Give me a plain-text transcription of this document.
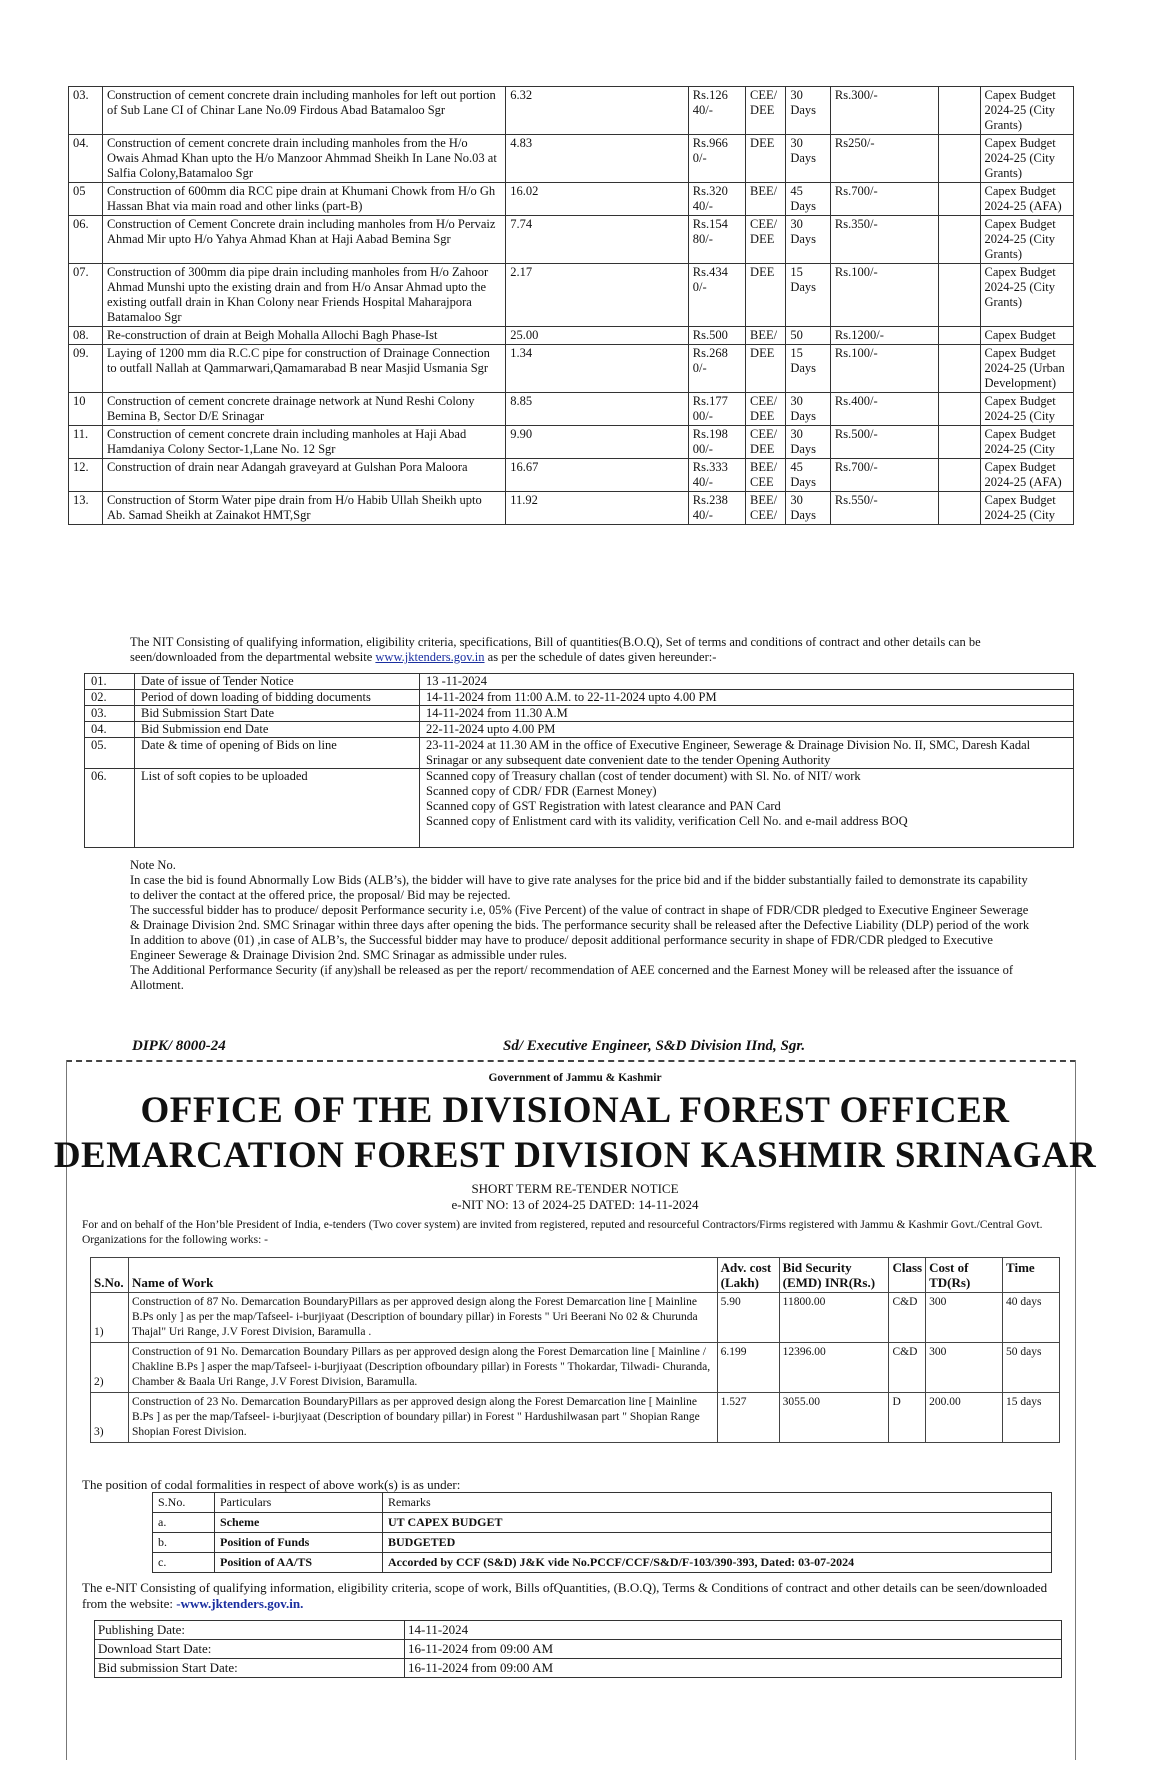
03.	Construction of cement concrete drain including manholes for left out portion of Sub Lane CI of Chinar Lane No.09 Firdous Abad Batamaloo Sgr	6.32	Rs.126 40/-	CEE/ DEE	30 Days	Rs.300/-		Capex Budget 2024-25 (City Grants)
04.	Construction of cement concrete drain including manholes from the H/o Owais Ahmad Khan upto the H/o Manzoor Ahmmad Sheikh In Lane No.03 at Salfia Colony,Batamaloo Sgr	4.83	Rs.966 0/-	DEE	30 Days	Rs250/-		Capex Budget 2024-25 (City Grants)
05	Construction of 600mm dia RCC pipe drain at Khumani Chowk from H/o Gh Hassan Bhat via main road and other links (part-B)	16.02	Rs.320 40/-	BEE/	45 Days	Rs.700/-		Capex Budget 2024-25 (AFA)
06.	Construction of Cement Concrete drain including manholes from H/o Pervaiz Ahmad Mir upto H/o Yahya Ahmad Khan at Haji Aabad Bemina Sgr	7.74	Rs.154 80/-	CEE/ DEE	30 Days	Rs.350/-		Capex Budget 2024-25 (City Grants)
07.	Construction of 300mm dia pipe drain including manholes from H/o Zahoor Ahmad Munshi upto the existing drain and from H/o Ansar Ahmad upto the existing outfall drain in Khan Colony near Friends Hospital Maharajpora Batamaloo Sgr	2.17	Rs.434 0/-	DEE	15 Days	Rs.100/-		Capex Budget 2024-25 (City Grants)
08.	Re-construction of drain at Beigh Mohalla Allochi Bagh Phase-Ist	25.00	Rs.500	BEE/	50	Rs.1200/-		Capex Budget
09.	Laying of 1200 mm dia R.C.C pipe for construction of Drainage Connection to outfall Nallah at Qammarwari,Qamamarabad B near Masjid Usmania Sgr	1.34	Rs.268 0/-	DEE	15 Days	Rs.100/-		Capex Budget 2024-25 (Urban Development)
10	Construction of cement concrete drainage network at Nund Reshi Colony Bemina B, Sector D/E Srinagar	8.85	Rs.177 00/-	CEE/ DEE	30 Days	Rs.400/-		Capex Budget 2024-25 (City
11.	Construction of cement concrete drain including manholes at Haji Abad Hamdaniya Colony Sector-1,Lane No. 12 Sgr	9.90	Rs.198 00/-	CEE/ DEE	30 Days	Rs.500/-		Capex Budget 2024-25 (City
12.	Construction of drain near Adangah graveyard at Gulshan Pora Maloora	16.67	Rs.333 40/-	BEE/ CEE	45 Days	Rs.700/-		Capex Budget 2024-25 (AFA)
13.	Construction of Storm Water pipe drain from H/o Habib Ullah Sheikh upto Ab. Samad Sheikh at Zainakot HMT,Sgr	11.92	Rs.238 40/-	BEE/ CEE/	30 Days	Rs.550/-		Capex Budget 2024-25 (City
The NIT Consisting of qualifying information, eligibility criteria, specifications, Bill of quantities(B.O.Q), Set of terms and conditions of contract and other details can be seen/downloaded from the departmental website www.jktenders.gov.in as per the schedule of dates given hereunder:-
01.	Date of issue of Tender Notice	13 -11-2024
02.	Period of down loading of bidding documents	14-11-2024 from 11:00 A.M. to 22-11-2024 upto 4.00 PM
03.	Bid Submission Start Date	14-11-2024 from 11.30 A.M
04.	Bid Submission end Date	22-11-2024 upto 4.00 PM
05.	Date & time of opening of Bids on line	23-11-2024 at 11.30 AM in the office of Executive Engineer, Sewerage & Drainage Division No. II, SMC, Daresh Kadal Srinagar or any subsequent date convenient date to the tender Opening Authority
06.	List of soft copies to be uploaded	Scanned copy of Treasury challan (cost of tender document) with Sl. No. of NIT/ work
Scanned copy of CDR/ FDR (Earnest Money)
Scanned copy of GST Registration with latest clearance and PAN Card
Scanned copy of Enlistment card with its validity, verification Cell No. and e-mail address BOQ
Note No.
In case the bid is found Abnormally Low Bids (ALB’s), the bidder will have to give rate analyses for the price bid and if the bidder substantially failed to demonstrate its capability to deliver the contact at the offered price, the proposal/ Bid may be rejected.
The successful bidder has to produce/ deposit Performance security i.e, 05% (Five Percent) of the value of contract in shape of FDR/CDR pledged to Executive Engineer Sewerage & Drainage Division 2nd. SMC Srinagar within three days after opening the bids. The performance security shall be released after the Defective Liability (DLP) period of the work
In addition to above (01) ,in case of ALB’s, the Successful bidder may have to produce/ deposit additional performance security in shape of FDR/CDR pledged to Executive Engineer Sewerage & Drainage Division 2nd. SMC Srinagar as admissible under rules.
The Additional Performance Security (if any)shall be released as per the report/ recommendation of AEE concerned and the Earnest Money will be released after the issuance of Allotment.
DIPK/ 8000-24	Sd/ Executive Engineer, S&D Division IInd, Sgr.
Government of Jammu & Kashmir
OFFICE OF THE DIVISIONAL FOREST OFFICER
DEMARCATION FOREST DIVISION KASHMIR SRINAGAR
SHORT TERM RE-TENDER NOTICE
e-NIT NO: 13 of 2024-25 DATED: 14-11-2024
For and on behalf of the Hon’ble President of India, e-tenders (Two cover system) are invited from registered, reputed and resourceful Contractors/Firms registered with Jammu & Kashmir Govt./Central Govt. Organizations for the following works: -
S.No.	Name of Work	Adv. cost (Lakh)	Bid Security (EMD) INR(Rs.)	Class	Cost of TD(Rs)	Time
1)	Construction of 87 No. Demarcation BoundaryPillars as per approved design along the Forest Demarcation line [ Mainline B.Ps only ] as per the map/Tafseel- i-burjiyaat (Description of boundary pillar) in Forests " Uri Beerani No 02 & Churunda Thajal" Uri Range, J.V Forest Division, Baramulla .	5.90	11800.00	C&D	300	40 days
2)	Construction of 91 No. Demarcation Boundary Pillars as per approved design along the Forest Demarcation line [ Mainline / Chakline B.Ps ] asper the map/Tafseel- i-burjiyaat (Description ofboundary pillar) in Forests " Thokardar, Tilwadi- Churanda, Chamber & Baala Uri Range, J.V Forest Division, Baramulla.	6.199	12396.00	C&D	300	50 days
3)	Construction of 23 No. Demarcation BoundaryPillars as per approved design along the Forest Demarcation line [ Mainline B.Ps ] as per the map/Tafseel- i-burjiyaat (Description of boundary pillar) in Forest " Hardushilwasan part " Shopian Range Shopian Forest Division.	1.527	3055.00	D	200.00	15 days
The position of codal formalities in respect of above work(s) is as under:
S.No.	Particulars	Remarks
a.	Scheme	UT CAPEX BUDGET
b.	Position of Funds	BUDGETED
c.	Position of AA/TS	Accorded by CCF (S&D) J&K vide No.PCCF/CCF/S&D/F-103/390-393, Dated: 03-07-2024
The e-NIT Consisting of qualifying information, eligibility criteria, scope of work, Bills ofQuantities, (B.O.Q), Terms & Conditions of contract and other details can be seen/downloaded from the website: -www.jktenders.gov.in.
Publishing Date:	14-11-2024
Download Start Date:	16-11-2024 from 09:00 AM
Bid submission Start Date:	16-11-2024 from 09:00 AM
